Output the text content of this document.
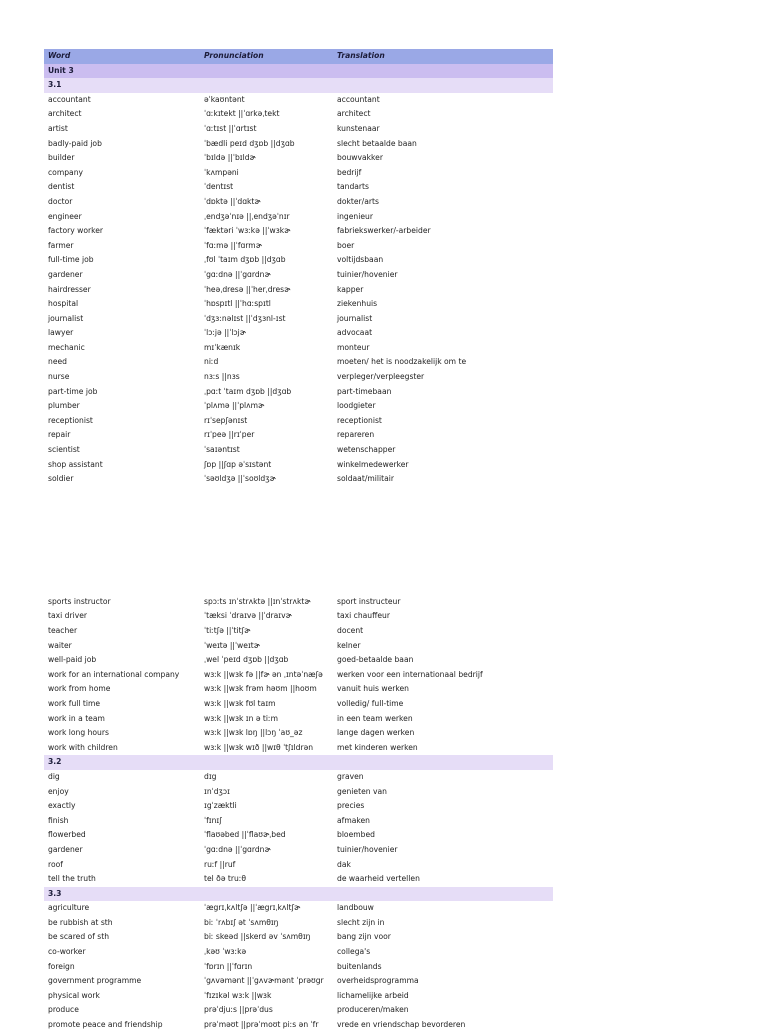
Word	Pronunciation	Translation
Unit 3
3.1
accountant	əˈkaʊntənt	accountant
architect	ˈɑːkɪtekt ||ˈɑrkəˌtekt	architect
artist	ˈɑːtɪst ||ˈɑrtɪst	kunstenaar
badly-paid job	ˈbædli peɪd dʒɒb ||dʒɑb	slecht betaalde baan
builder	ˈbɪldə ||ˈbɪldɚ	bouwvakker
company	ˈkʌmpəni	bedrijf
dentist	ˈdentɪst	tandarts
doctor	ˈdɒktə ||ˈdɑktɚ	dokter/arts
engineer	ˌendʒəˈnɪə ||ˌendʒəˈnɪr	ingenieur
factory worker	ˈfæktəri ˈwɜːkə ||ˈwɜkɚ	fabriekswerker/-arbeider
farmer	ˈfɑːmə ||ˈfɑrmɚ	boer
full-time job	ˌfʊl ˈtaɪm dʒɒb ||dʒɑb	voltijdsbaan
gardener	ˈgɑːdnə ||ˈgɑrdnɚ	tuinier/hovenier
hairdresser	ˈheəˌdresə ||ˈherˌdresɚ	kapper
hospital	ˈhɒspɪtl ||ˈhɑːspɪtl	ziekenhuis
journalist	ˈdʒɜːnəlɪst ||ˈdʒɜnl-ɪst	journalist
lawyer	ˈlɔːjə ||ˈlɔjɚ	advocaat
mechanic	mɪˈkænɪk	monteur
need	niːd	moeten/ het is noodzakelijk om te
nurse	nɜːs ||nɜs	verpleger/verpleegster
part-time job	ˌpɑːt ˈtaɪm dʒɒb ||dʒɑb	part-timebaan
plumber	ˈplʌmə ||ˈplʌmɚ	loodgieter
receptionist	rɪˈsepʃənɪst	receptionist
repair	rɪˈpeə ||rɪˈper	repareren
scientist	ˈsaɪəntɪst	wetenschapper
shop assistant	ʃɒp ||ʃɑp əˈsɪstənt	winkelmedewerker
soldier	ˈsəʊldʒə ||ˈsoʊldʒɚ	soldaat/militair
sports instructor	spɔːts ɪnˈstrʌktə ||ɪnˈstrʌktɚ	sport instructeur
taxi driver	ˈtæksi ˈdraɪvə ||ˈdraɪvɚ	taxi chauffeur
teacher	ˈtiːtʃə ||ˈtitʃɚ	docent
waiter	ˈweɪtə ||ˈweɪtɚ	kelner
well-paid job	ˌwel ˈpeɪd dʒɒb ||dʒɑb	goed-betaalde baan
work for an international company	wɜːk ||wɜk fə ||fɚ ən ˌɪntəˈnæʃə	werken voor een internationaal bedrijf
work from home	wɜːk ||wɜk frəm həʊm ||hoʊm	vanuit huis werken
work full time	wɜːk ||wɜk fʊl taɪm	volledig/ full-time
work in a team	wɜːk ||wɜk ɪn ə tiːm	in een team werken
work long hours	wɜːk ||wɜk lɒŋ ||lɔŋ ˈaʊ_əz	lange dagen werken
work with children	wɜːk ||wɜk wɪð ||wɪθ ˈtʃɪldrən	met kinderen werken
3.2
dig	dɪg	graven
enjoy	ɪnˈdʒɔɪ	genieten van
exactly	ɪgˈzæktli	precies
finish	ˈfɪnɪʃ	afmaken
flowerbed	ˈflaʊəbed ||ˈflaʊɚˌbed	bloembed
gardener	ˈgɑːdnə ||ˈgɑrdnɚ	tuinier/hovenier
roof	ruːf ||ruf	dak
tell the truth	tel ðə truːθ	de waarheid vertellen
3.3
agriculture	ˈægrɪˌkʌltʃə ||ˈægrɪˌkʌltʃɚ	landbouw
be rubbish at sth	biː ˈrʌbɪʃ ət ˈsʌmθɪŋ	slecht zijn in
be scared of sth	biː skeəd ||skerd əv ˈsʌmθɪŋ	bang zijn voor
co-worker	ˌkəʊ ˈwɜːkə	collega's
foreign	ˈfɒrɪn ||ˈfɑrɪn	buitenlands
government programme	ˈgʌvəmənt ||ˈgʌvɚmənt ˈprəʊgr	overheidsprogramma
physical work	ˈfɪzɪkəl wɜːk ||wɜk	lichamelijke arbeid
produce	prəˈdjuːs ||prəˈdus	produceren/maken
promote peace and friendship	prəˈməʊt ||prəˈmoʊt piːs ən ˈfr	vrede en vriendschap bevorderen
